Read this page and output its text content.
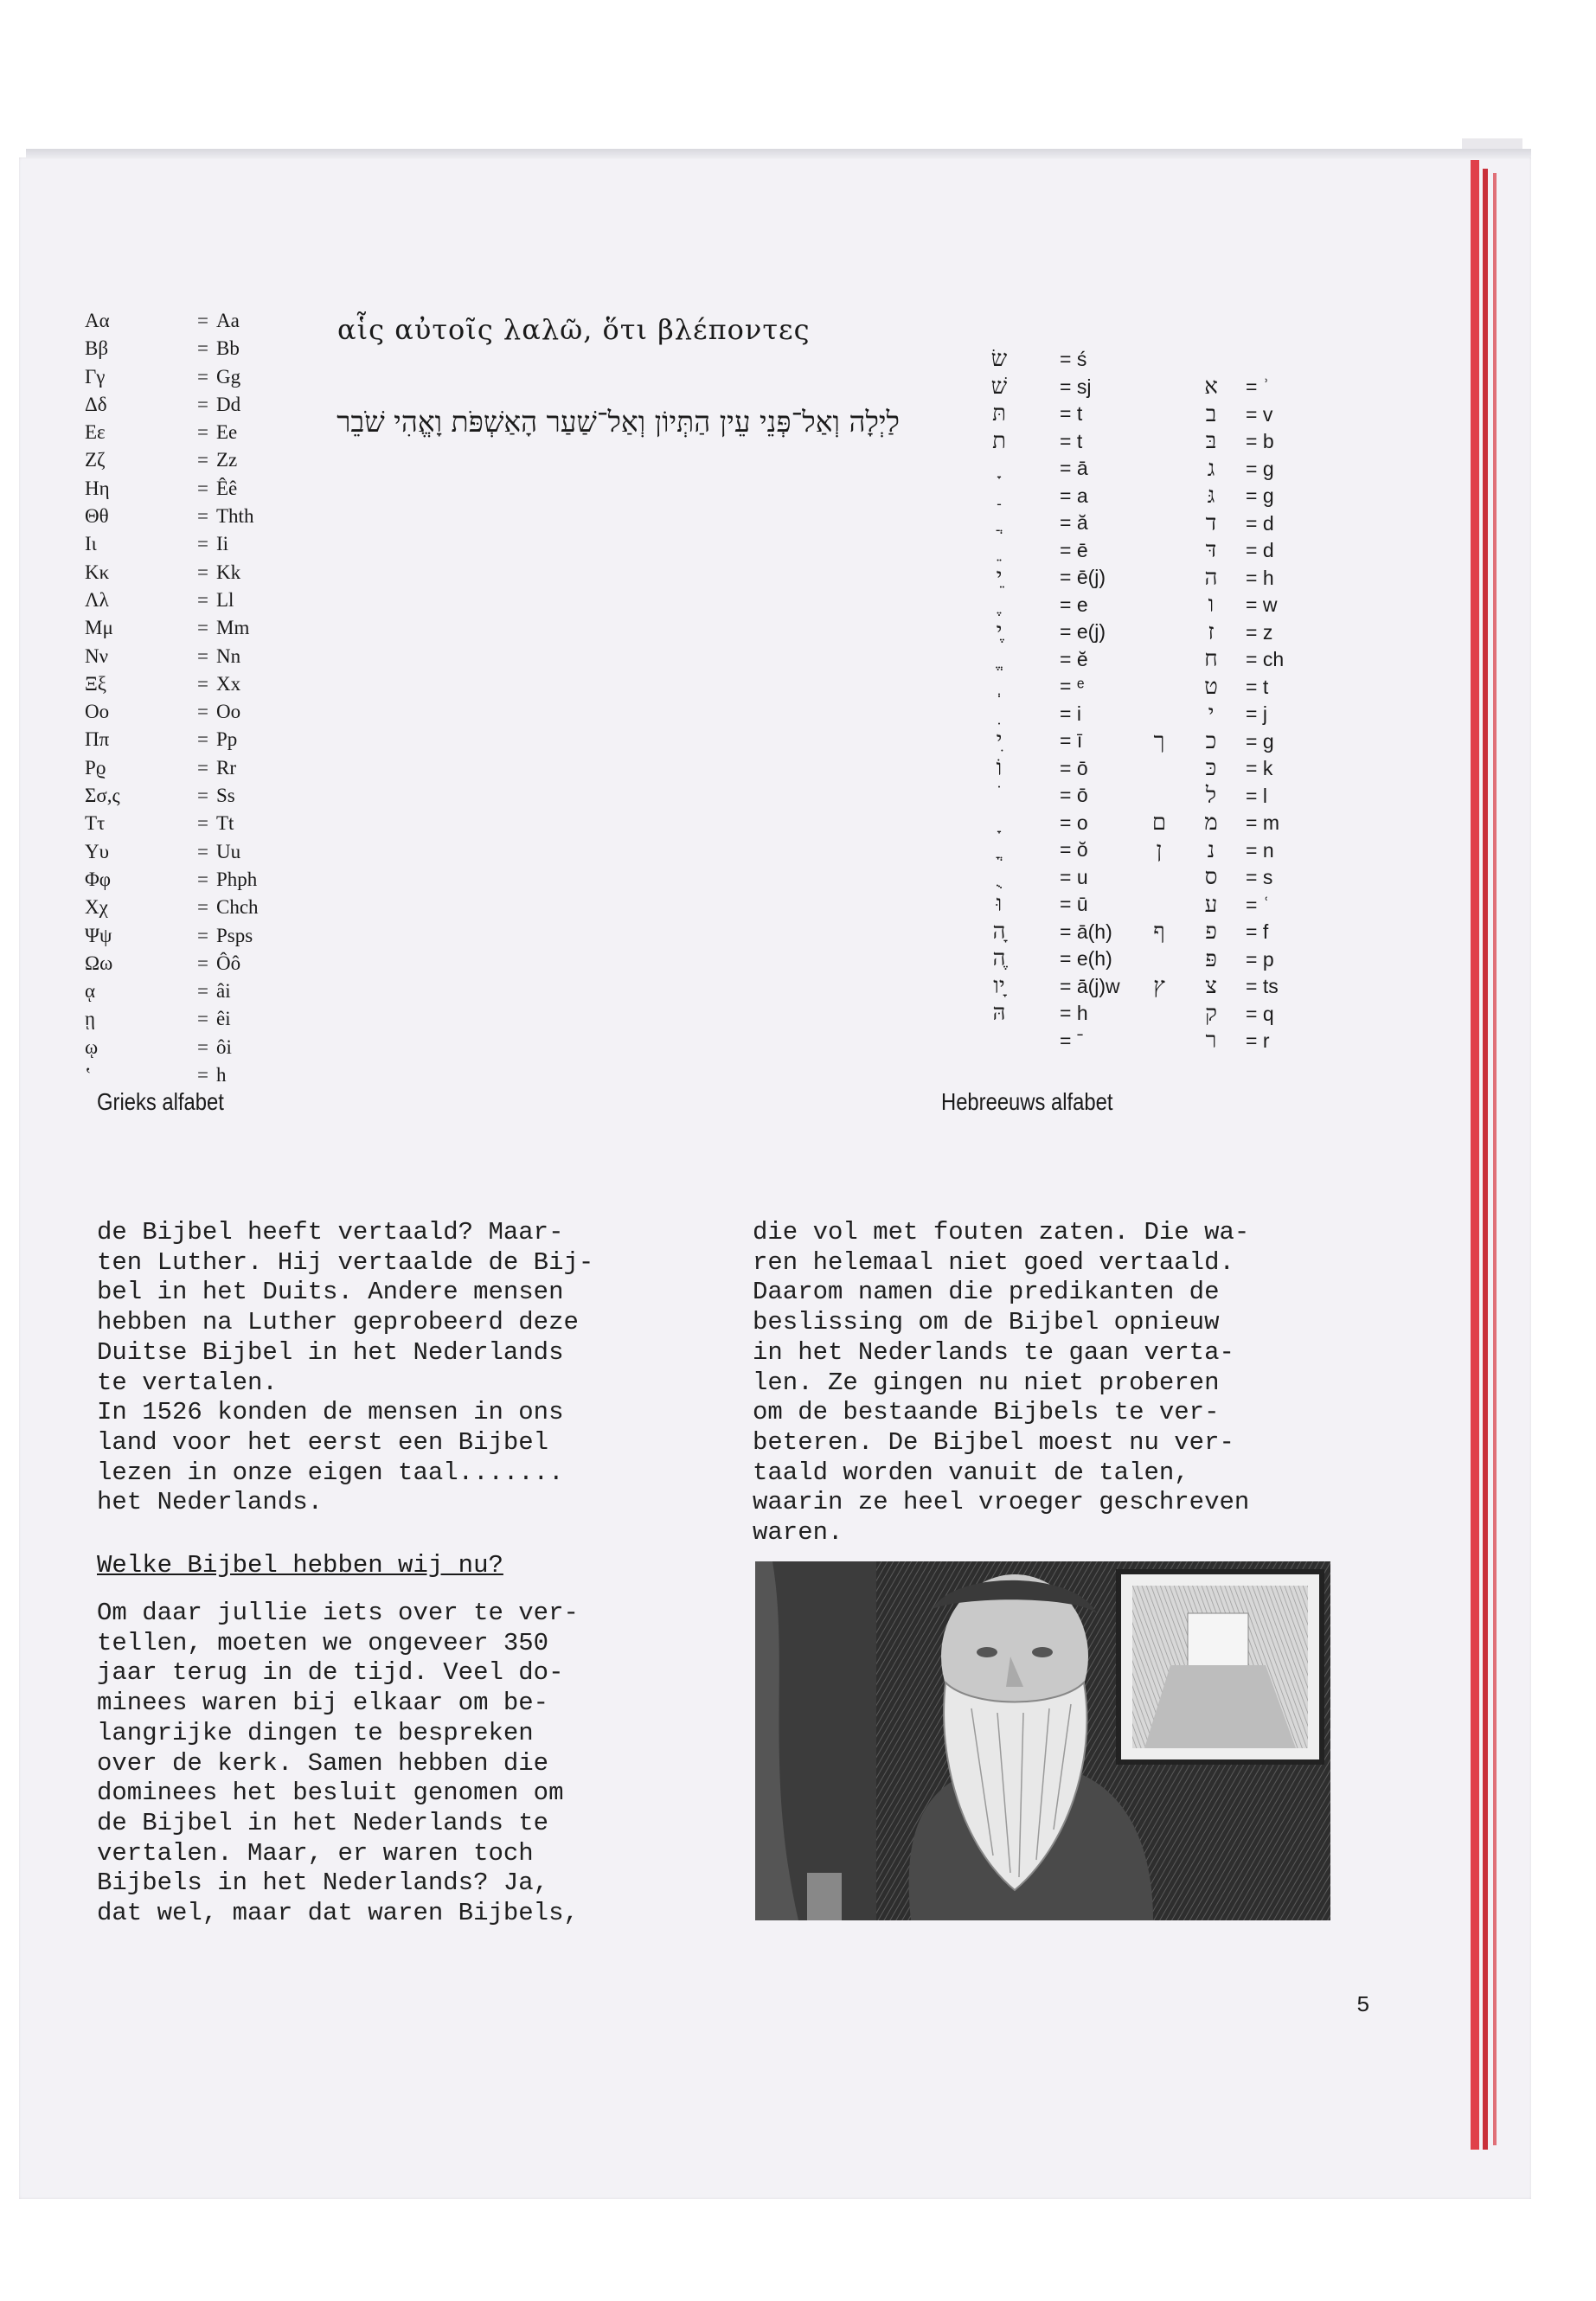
Αα	= Aa
Ββ	= Bb
Γγ	= Gg
Δδ	= Dd
Εε	= Ee
Ζζ	= Zz
Ηη	= Êê
Θθ	= Thth
Ιι	= Ii
Κκ	= Kk
Λλ	= Ll
Μμ	= Mm
Νν	= Nn
Ξξ	= Xx
Οο	= Oo
Ππ	= Pp
Ρϱ	= Rr
Σσ,ς	= Ss
Ττ	= Tt
Υυ	= Uu
Φφ	= Phph
Χχ	= Chch
Ψψ	= Psps
Ωω	= Ôô
ᾳ	= âi
ῃ	= êi
ῳ	= ôi
ʽ	= h
αἷς αὐτοῖς λαλῶ, ὅτι βλέποντες
לַיְלָה וְאַל־פְּנֵי עֵין הַתְּיוֹן וְאַל־שַׁעַר הָאַשְׁפֹּת וָאֱהִי שֹׁבֵר
שׂ	= ś
שׁ	= sj
תּ	= t
ת	= t
= ā
= a
= ă
= ē
ֵי	= ē(j)
= e
ֶי	= e(j)
= ĕ
= ᵉ
= i
ִי	= ī
וֹ	= ō
= ō
= o
= ŏ
= u
וּ	= ū
ָה	= ā(h)
ֶה	= e(h)
ָיו	= ā(j)w
הּ	= h
= ˉ
א	= ʾ
ב	= v
בּ	= b
ג	= g
גּ	= g
ד	= d
דּ	= d
ה	= h
ו	= w
ז	= z
ח	= ch
ט	= t
י	= j
ך	כ	= g
כּ	= k
ל	= l
ם	מ	= m
ן	נ	= n
ס	= s
ע	= ʿ
ף	פ	= f
פּ	= p
ץ	צ	= ts
ק	= q
ר	= r
Grieks alfabet	Hebreeuws alfabet
de Bijbel heeft vertaald? Maar-
ten Luther. Hij vertaalde de Bij-
bel in het Duits. Andere mensen
hebben na Luther geprobeerd deze
Duitse Bijbel in het Nederlands
te vertalen.
In 1526 konden de mensen in ons
land voor het eerst een Bijbel
lezen in onze eigen taal.......
het Nederlands.
Welke Bijbel hebben wij nu?
Om daar jullie iets over te ver-
tellen, moeten we ongeveer 350
jaar terug in de tijd. Veel do-
minees waren bij elkaar om be-
langrijke dingen te bespreken
over de kerk. Samen hebben die
dominees het besluit genomen om
de Bijbel in het Nederlands te
vertalen. Maar, er waren toch
Bijbels in het Nederlands? Ja,
dat wel, maar dat waren Bijbels,
die vol met fouten zaten. Die wa-
ren helemaal niet goed vertaald.
Daarom namen die predikanten de
beslissing om de Bijbel opnieuw
in het Nederlands te gaan verta-
len. Ze gingen nu niet proberen
om de bestaande Bijbels te ver-
beteren. De Bijbel moest nu ver-
taald worden vanuit de talen,
waarin ze heel vroeger geschreven
waren.
5
